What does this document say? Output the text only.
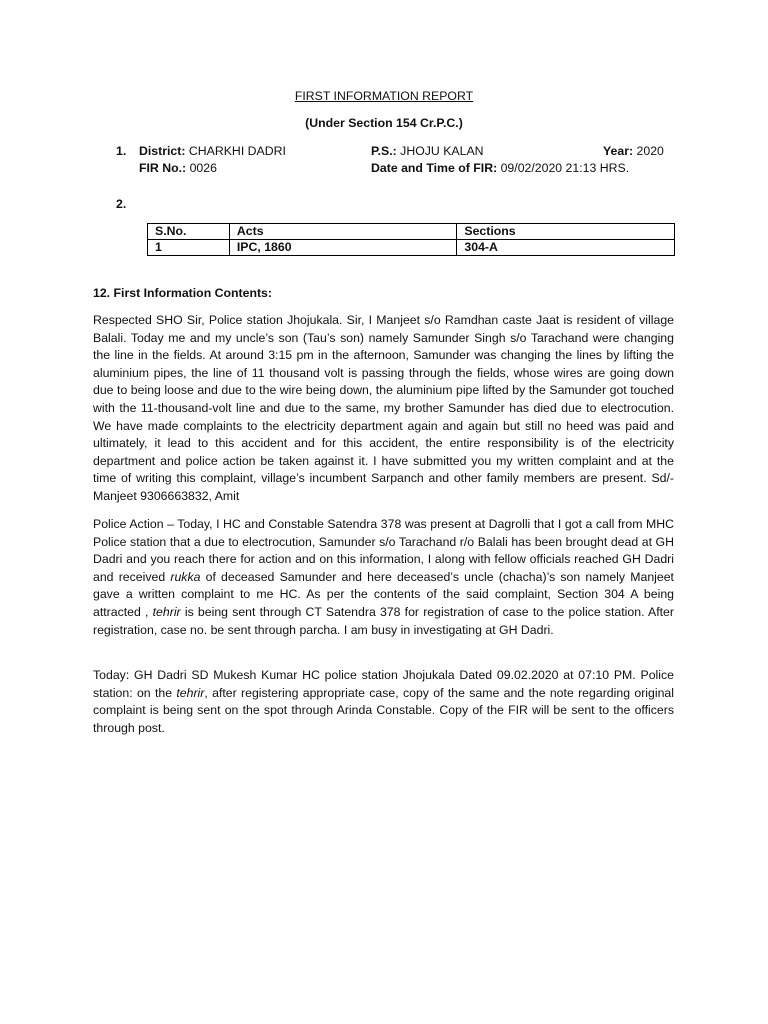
FIRST INFORMATION REPORT
(Under Section 154 Cr.P.C.)
1. District: CHARKHI DADRI	P.S.: JHOJU KALAN	Year: 2020
FIR No.: 0026	Date and Time of FIR: 09/02/2020 21:13 HRS.
2.
S.No.	Acts	Sections
1	IPC, 1860	304-A
12. First Information Contents:

Respected SHO Sir, Police station Jhojukala. Sir, I Manjeet s/o Ramdhan caste Jaat is resident of village Balali. Today me and my uncle’s son (Tau’s son) namely Samunder Singh s/o Tarachand were changing the line in the fields. At around 3:15 pm in the afternoon, Samunder was changing the lines by lifting the aluminium pipes, the line of 11 thousand volt is passing through the fields, whose wires are going down due to being loose and due to the wire being down, the aluminium pipe lifted by the Samunder got touched with the 11-thousand-volt line and due to the same, my brother Samunder has died due to electrocution. We have made complaints to the electricity department again and again but still no heed was paid and ultimately, it lead to this accident and for this accident, the entire responsibility is of the electricity department and police action be taken against it. I have submitted you my written complaint and at the time of writing this complaint, village’s incumbent Sarpanch and other family members are present. Sd/- Manjeet 9306663832, Amit

Police Action – Today, I HC and Constable Satendra 378 was present at Dagrolli that I got a call from MHC Police station that a due to electrocution, Samunder s/o Tarachand r/o Balali has been brought dead at GH Dadri and you reach there for action and on this information, I along with fellow officials reached GH Dadri and received rukka of deceased Samunder and here deceased’s uncle (chacha)’s son namely Manjeet gave a written complaint to me HC. As per the contents of the said complaint, Section 304 A being attracted , tehrir is being sent through CT Satendra 378 for registration of case to the police station. After registration, case no. be sent through parcha. I am busy in investigating at GH Dadri.

Today: GH Dadri SD Mukesh Kumar HC police station Jhojukala Dated 09.02.2020 at 07:10 PM. Police station: on the tehrir, after registering appropriate case, copy of the same and the note regarding original complaint is being sent on the spot through Arinda Constable. Copy of the FIR will be sent to the officers through post.
